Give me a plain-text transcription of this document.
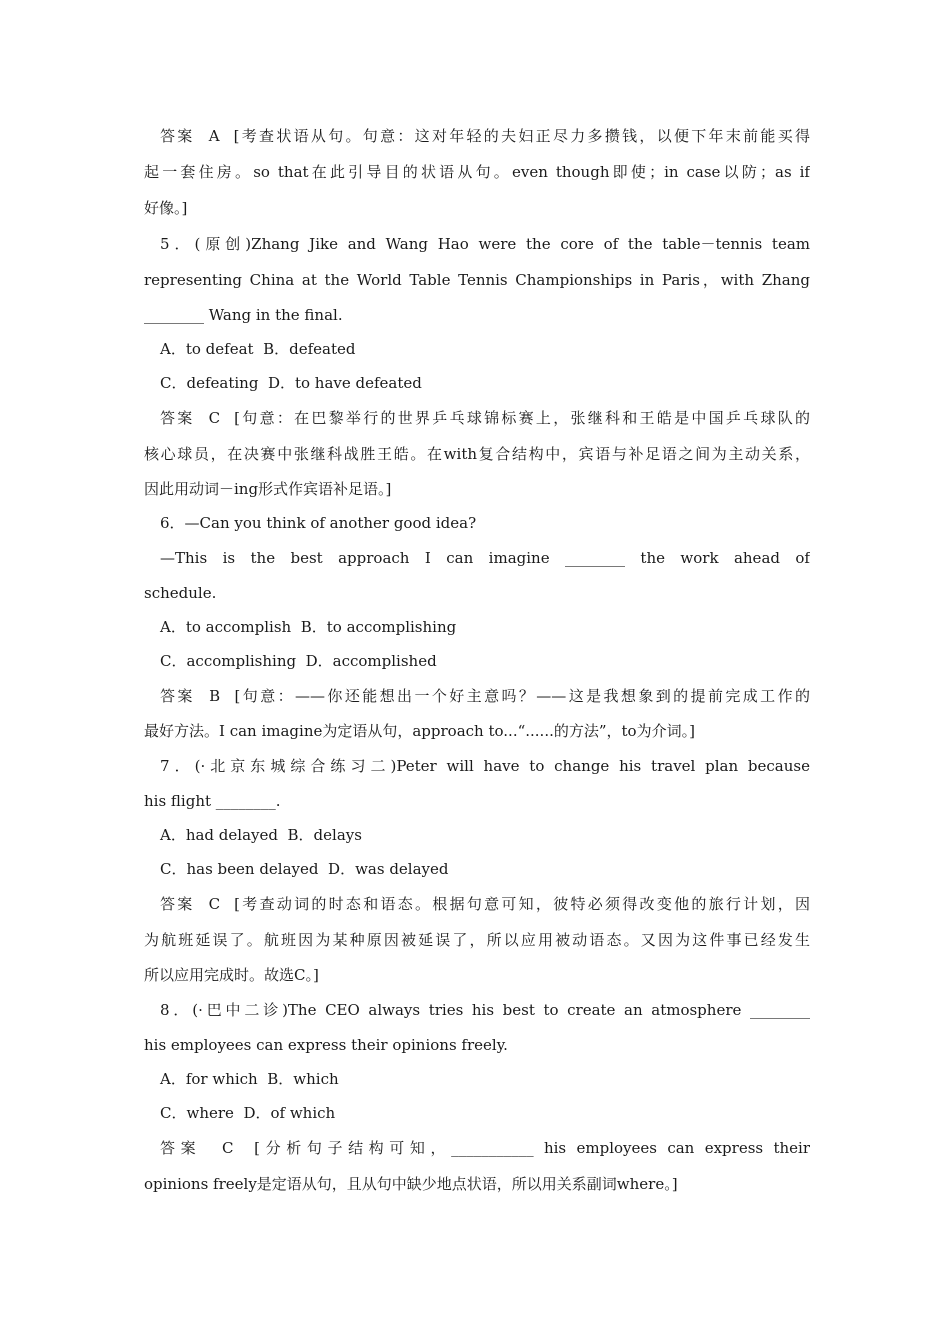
答案  A  [考查状语从句。句意：这对年轻的夫妇正尽力多攒钱，以便下年末前能买得
起一套住房。so that在此引导目的状语从句。even though即使；in case以防；as if
好像。]
5．(原创)Zhang Jike and Wang Hao were the core of the table－tennis team
representing China at the World Table Tennis Championships in Paris，with Zhang
________ Wang in the final.
A．to defeat  B．defeated
C．defeating  D．to have defeated
答案  C  [句意：在巴黎举行的世界乒乓球锦标赛上，张继科和王皓是中国乒乓球队的
核心球员，在决赛中张继科战胜王皓。在with复合结构中，宾语与补足语之间为主动关系，
因此用动词－ing形式作宾语补足语。]
6．—Can you think of another good idea?
—This is the best approach I can imagine ________ the work ahead of
schedule.
A．to accomplish  B．to accomplishing
C．accomplishing  D．accomplished
答案  B  [句意：——你还能想出一个好主意吗？——这是我想象到的提前完成工作的
最好方法。I can imagine为定语从句，approach to...“......的方法”，to为介词。]
7．(·北京东城综合练习二)Peter will have to change his travel plan because
his flight ________.
A．had delayed  B．delays
C．has been delayed  D．was delayed
答案  C  [考查动词的时态和语态。根据句意可知，彼特必须得改变他的旅行计划，因
为航班延误了。航班因为某种原因被延误了，所以应用被动语态。又因为这件事已经发生
所以应用完成时。故选C。]
8．(·巴中二诊)The CEO always tries his best to create an atmosphere ________
his employees can express their opinions freely.
A．for which  B．which
C．where  D．of which
答案  C  [分析句子结构可知，___________ his employees can express their
opinions freely是定语从句，且从句中缺少地点状语，所以用关系副词where。]
